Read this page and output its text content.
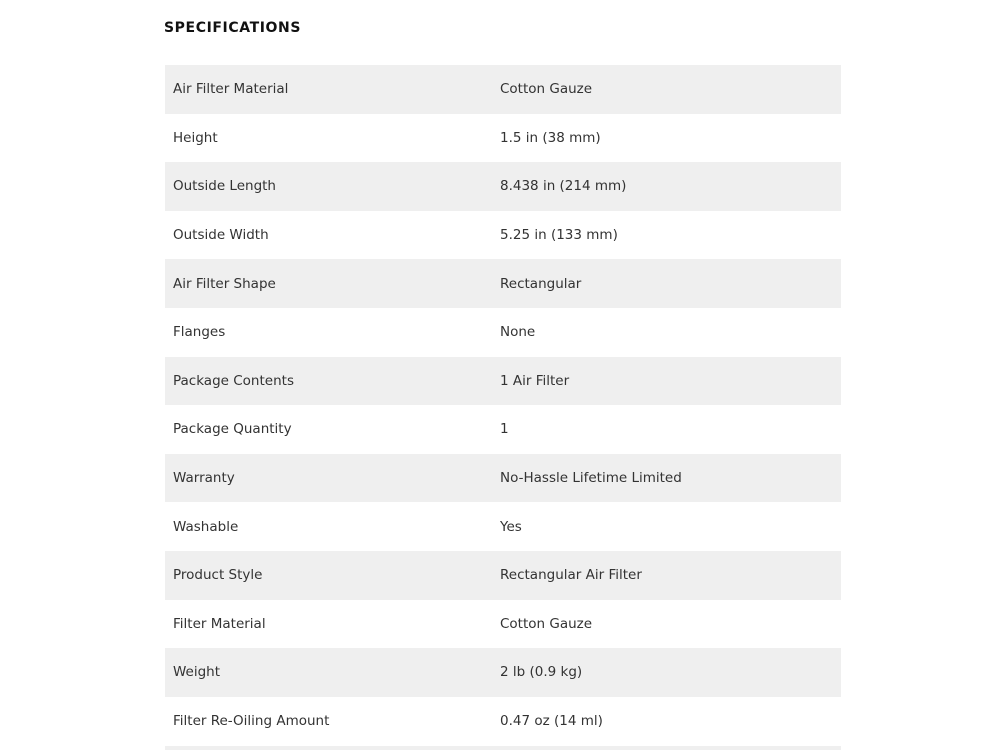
SPECIFICATIONS
Air Filter Material	Cotton Gauze
Height	1.5 in (38 mm)
Outside Length	8.438 in (214 mm)
Outside Width	5.25 in (133 mm)
Air Filter Shape	Rectangular
Flanges	None
Package Contents	1 Air Filter
Package Quantity	1
Warranty	No-Hassle Lifetime Limited
Washable	Yes
Product Style	Rectangular Air Filter
Filter Material	Cotton Gauze
Weight	2 lb (0.9 kg)
Filter Re-Oiling Amount	0.47 oz (14 ml)
